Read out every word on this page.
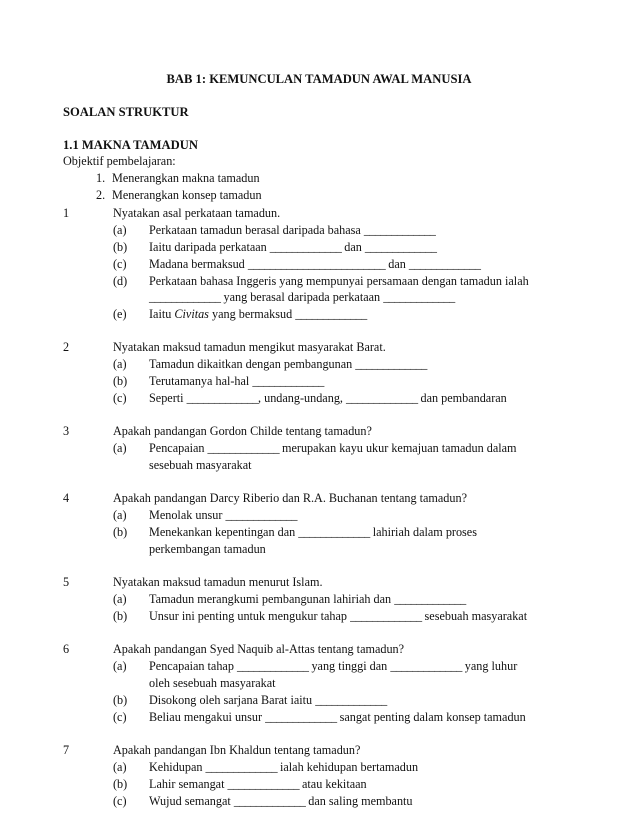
BAB 1: KEMUNCULAN TAMADUN AWAL MANUSIA
SOALAN STRUKTUR
1.1 MAKNA TAMADUN
Objektif pembelajaran:
1. Menerangkan makna tamadun
2. Menerangkan konsep tamadun
1	Nyatakan asal perkataan tamadun.
(a) Perkataan tamadun berasal daripada bahasa _____________
(b) Iaitu daripada perkataan _____________ dan _____________
(c) Madana bermaksud _________________________ dan _____________
(d) Perkataan bahasa Inggeris yang mempunyai persamaan dengan tamadun ialah
_____________ yang berasal daripada perkataan _____________
(e) Iaitu Civitas yang bermaksud _____________
2	Nyatakan maksud tamadun mengikut masyarakat Barat.
(a) Tamadun dikaitkan dengan pembangunan _____________
(b) Terutamanya hal-hal _____________
(c) Seperti _____________, undang-undang, _____________ dan pembandaran
3	Apakah pandangan Gordon Childe tentang tamadun?
(a) Pencapaian _____________ merupakan kayu ukur kemajuan tamadun dalam
sesebuah masyarakat
4	Apakah pandangan Darcy Riberio dan R.A. Buchanan tentang tamadun?
(a) Menolak unsur _____________
(b) Menekankan kepentingan dan _____________ lahiriah dalam proses
perkembangan tamadun
5	Nyatakan maksud tamadun menurut Islam.
(a) Tamadun merangkumi pembangunan lahiriah dan _____________
(b) Unsur ini penting untuk mengukur tahap _____________ sesebuah masyarakat
6	Apakah pandangan Syed Naquib al-Attas tentang tamadun?
(a) Pencapaian tahap _____________ yang tinggi dan _____________ yang luhur
oleh sesebuah masyarakat
(b) Disokong oleh sarjana Barat iaitu _____________
(c) Beliau mengakui unsur _____________ sangat penting dalam konsep tamadun
7	Apakah pandangan Ibn Khaldun tentang tamadun?
(a) Kehidupan _____________ ialah kehidupan bertamadun
(b) Lahir semangat _____________ atau kekitaan
(c) Wujud semangat _____________ dan saling membantu
